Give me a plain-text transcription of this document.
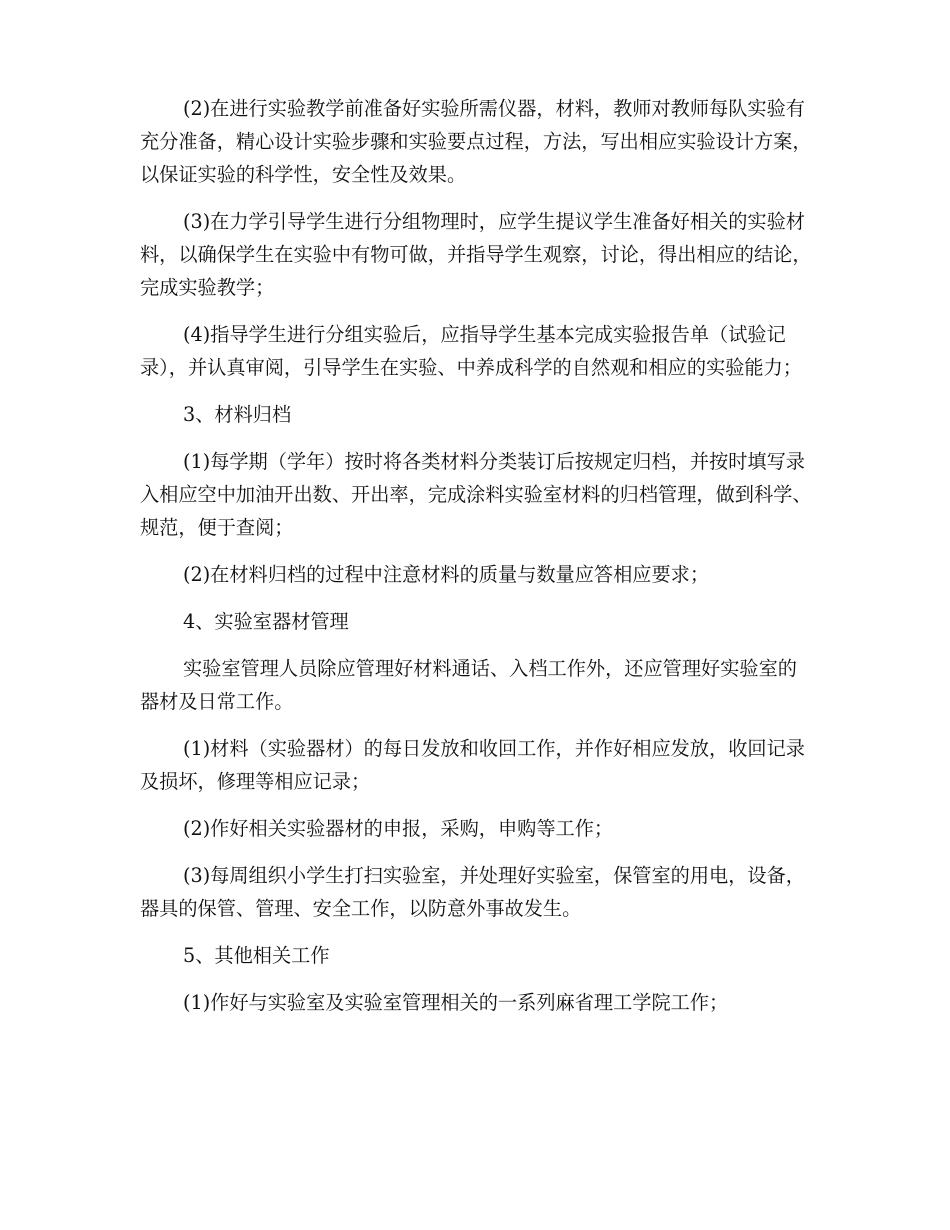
(2)在进行实验教学前准备好实验所需仪器，材料，教师对教师每队实验有充分准备，精心设计实验步骤和实验要点过程，方法，写出相应实验设计方案，以保证实验的科学性，安全性及效果。

(3)在力学引导学生进行分组物理时，应学生提议学生准备好相关的实验材料，以确保学生在实验中有物可做，并指导学生观察，讨论，得出相应的结论，完成实验教学；

(4)指导学生进行分组实验后，应指导学生基本完成实验报告单（试验记录），并认真审阅，引导学生在实验、中养成科学的自然观和相应的实验能力；

3、材料归档

(1)每学期（学年）按时将各类材料分类装订后按规定归档，并按时填写录入相应空中加油开出数、开出率，完成涂料实验室材料的归档管理，做到科学、规范，便于查阅；

(2)在材料归档的过程中注意材料的质量与数量应答相应要求；

4、实验室器材管理

实验室管理人员除应管理好材料通话、入档工作外，还应管理好实验室的器材及日常工作。

(1)材料（实验器材）的每日发放和收回工作，并作好相应发放，收回记录及损坏，修理等相应记录；

(2)作好相关实验器材的申报，采购，申购等工作；

(3)每周组织小学生打扫实验室，并处理好实验室，保管室的用电，设备，器具的保管、管理、安全工作，以防意外事故发生。

5、其他相关工作

(1)作好与实验室及实验室管理相关的一系列麻省理工学院工作；
